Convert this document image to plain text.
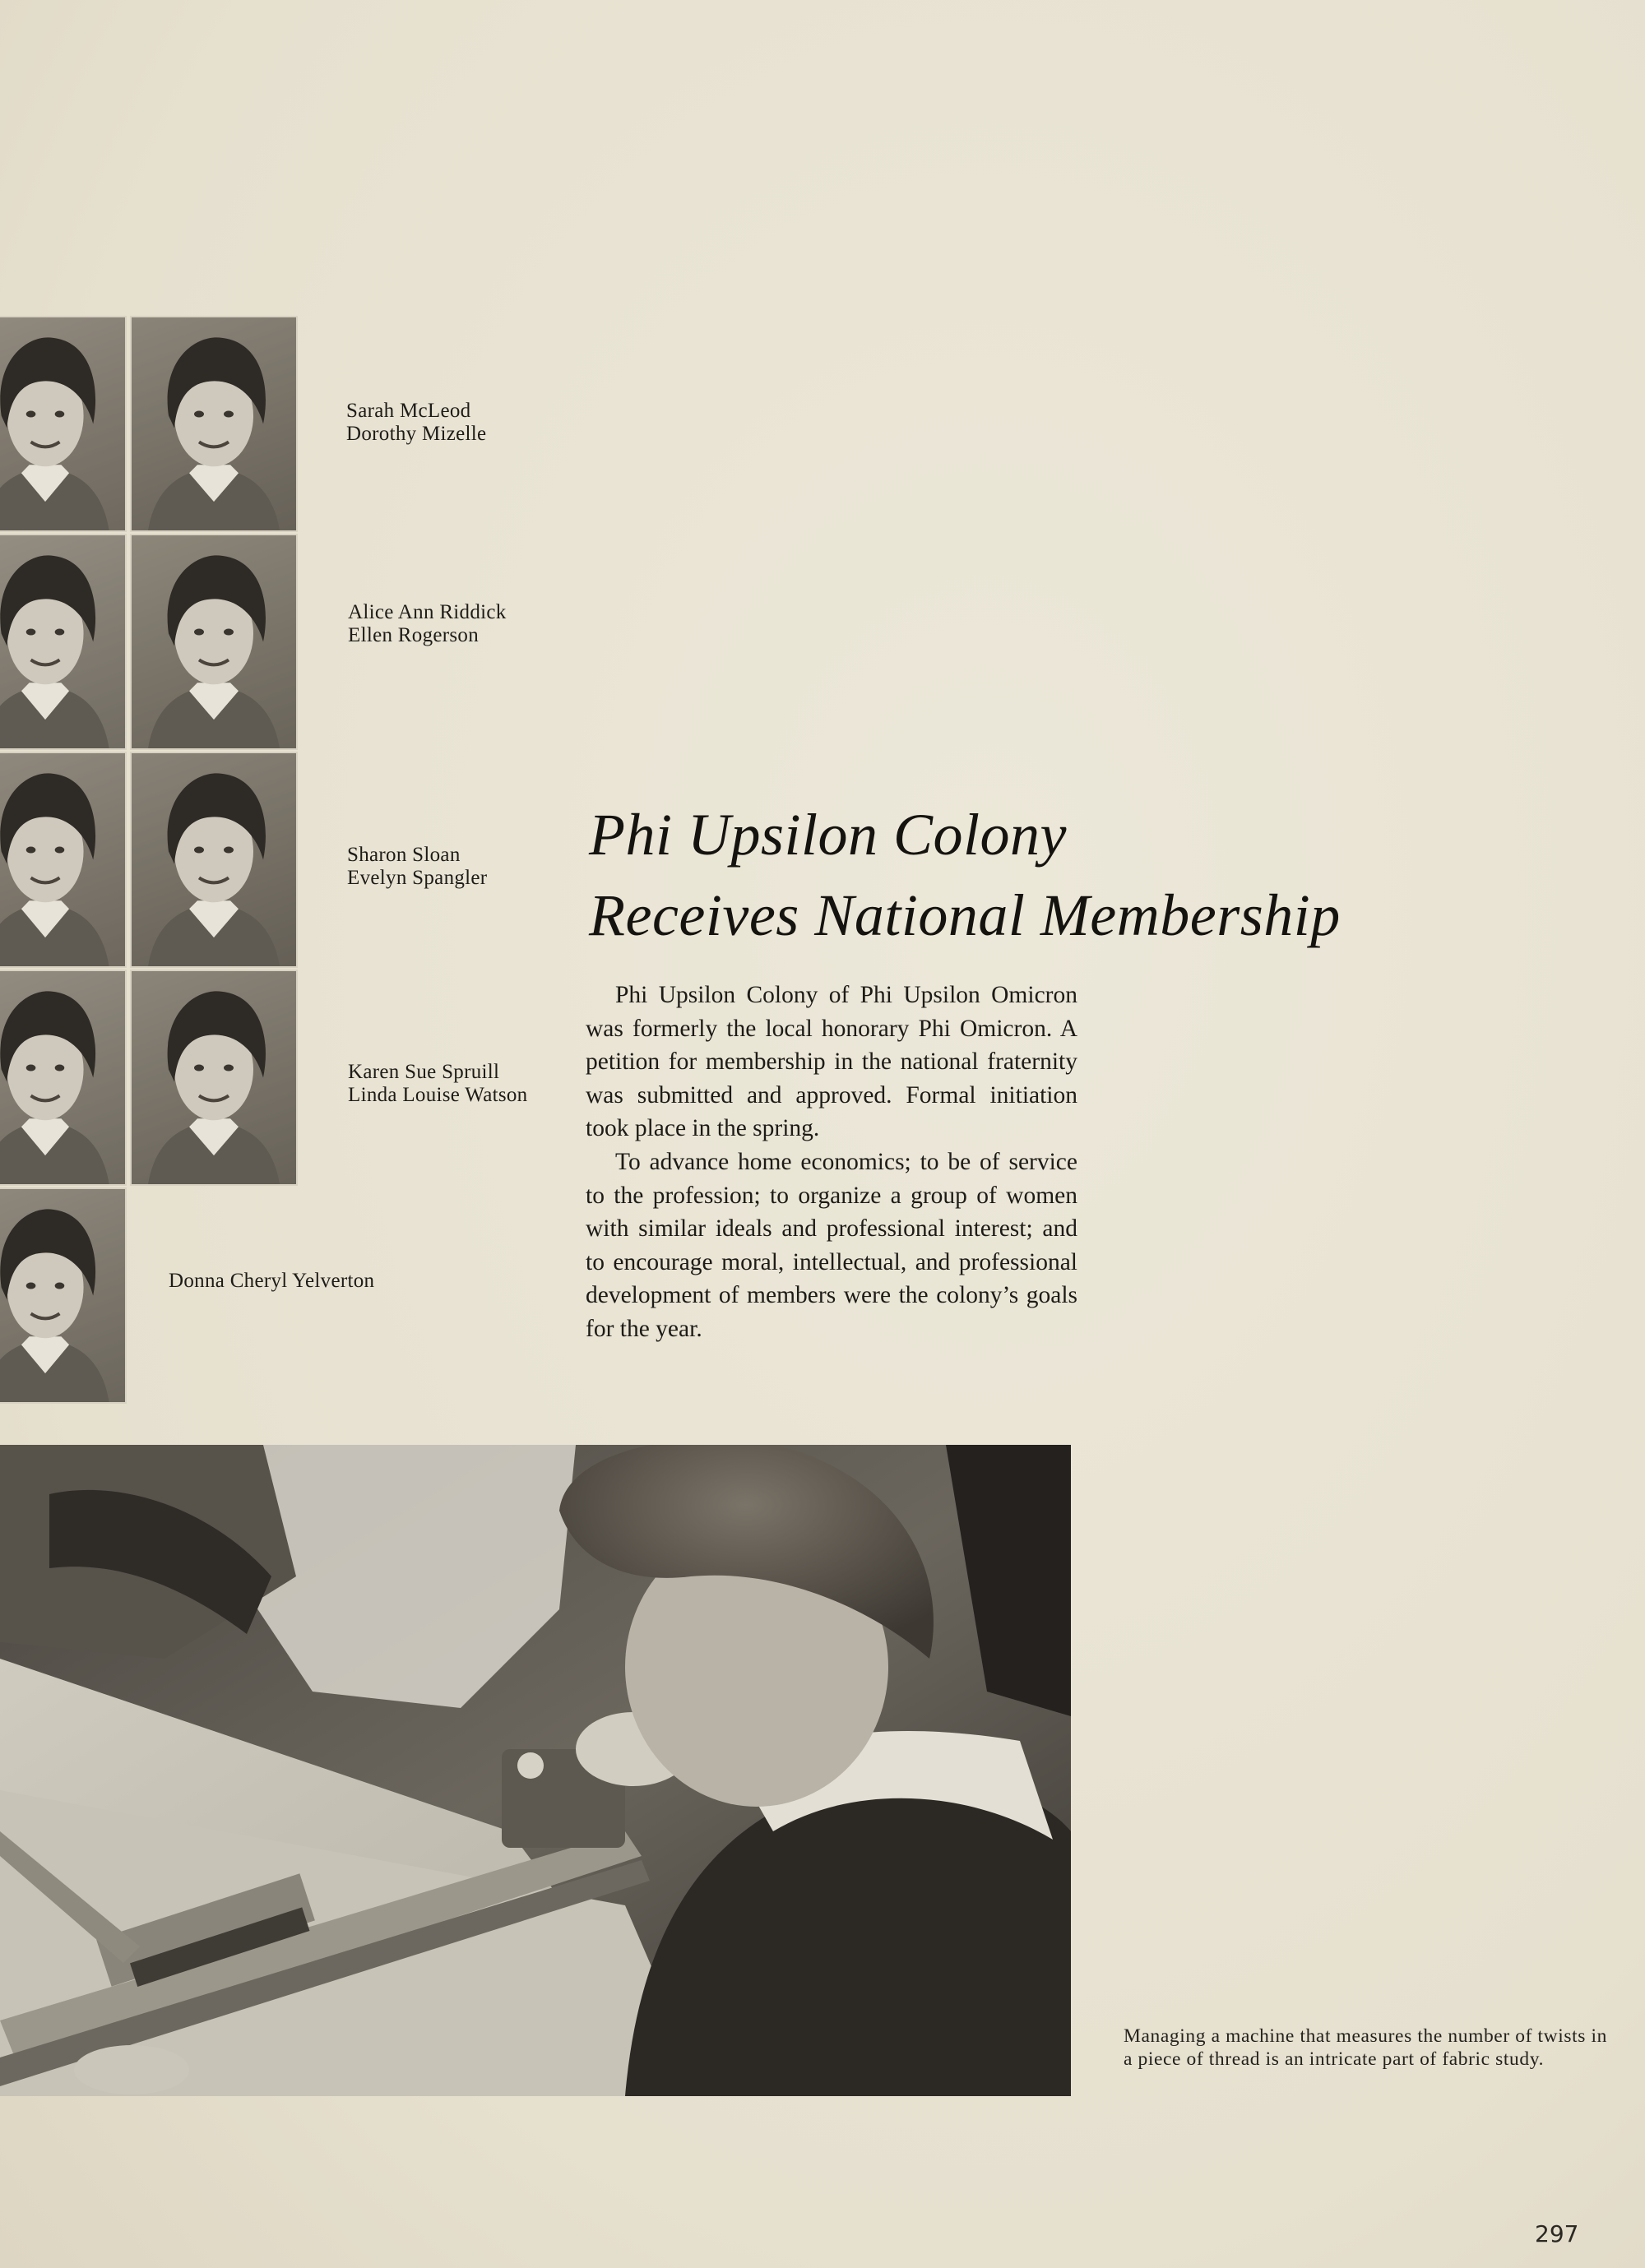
Sarah McLeod
Dorothy Mizelle
Alice Ann Riddick
Ellen Rogerson
Sharon Sloan
Evelyn Spangler
Karen Sue Spruill
Linda Louise Watson
Donna Cheryl Yelverton
Phi Upsilon Colony
Receives National Membership

Phi Upsilon Colony of Phi Upsilon Omicron was formerly the local honorary Phi Omicron. A petition for membership in the national fraternity was submitted and approved. Formal initiation took place in the spring.

To advance home economics; to be of service to the profession; to organize a group of women with similar ideals and professional interest; and to encourage moral, intellectual, and professional development of members were the colony’s goals for the year.

Managing a machine that measures the number of twists in a piece of thread is an intricate part of fabric study.
297
